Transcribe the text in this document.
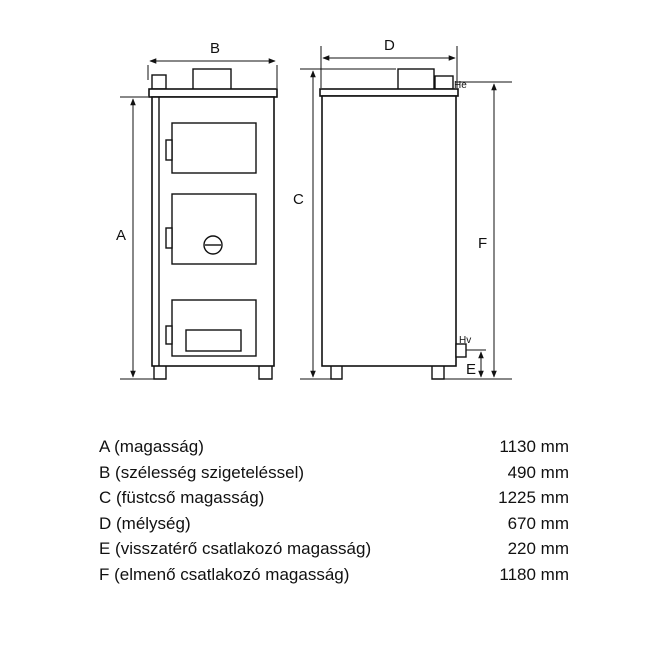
B
A
D
C
F
E
He
Hv
A (magasság)	1130 mm
B (szélesség szigeteléssel)	490 mm
C (füstcső magasság)	1225 mm
D (mélység)	670 mm
E (visszatérő csatlakozó magasság)	220 mm
F (elmenő csatlakozó magasság)	1180 mm
